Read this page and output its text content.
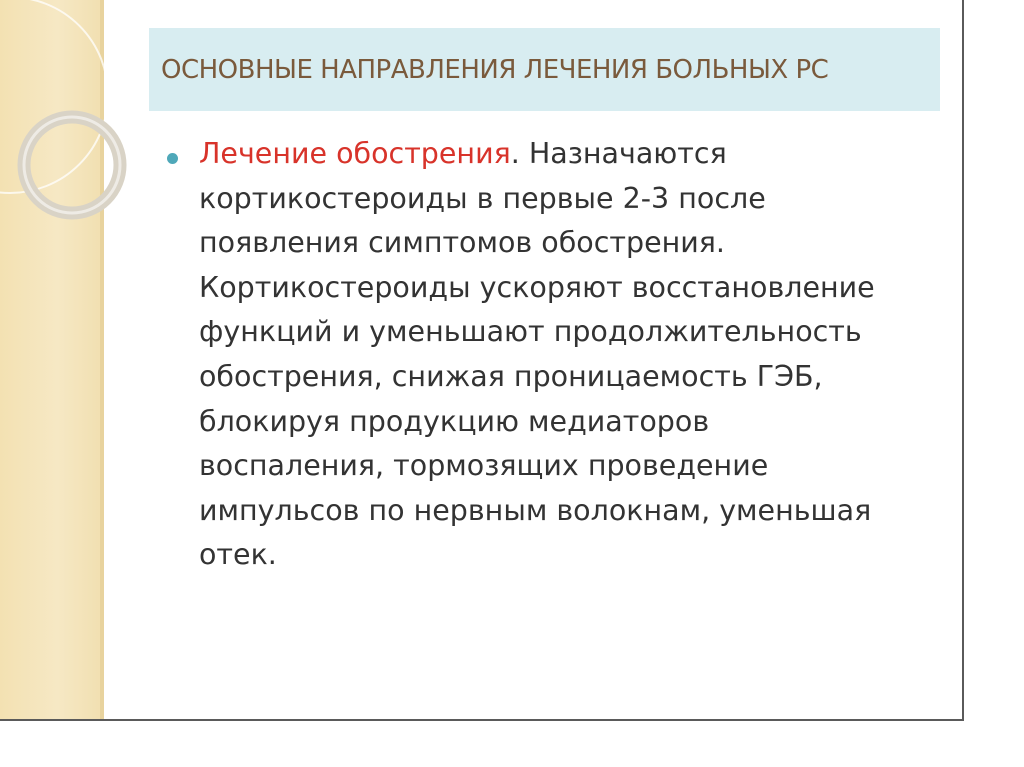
ОСНОВНЫЕ НАПРАВЛЕНИЯ ЛЕЧЕНИЯ БОЛЬНЫХ РС
Лечение обострения. Назначаются
кортикостероиды в первые 2-3 после
появления симптомов обострения.
Кортикостероиды ускоряют восстановление
функций и уменьшают продолжительность
обострения, снижая проницаемость ГЭБ,
блокируя продукцию медиаторов
воспаления, тормозящих проведение
импульсов по нервным волокнам, уменьшая
отек.
